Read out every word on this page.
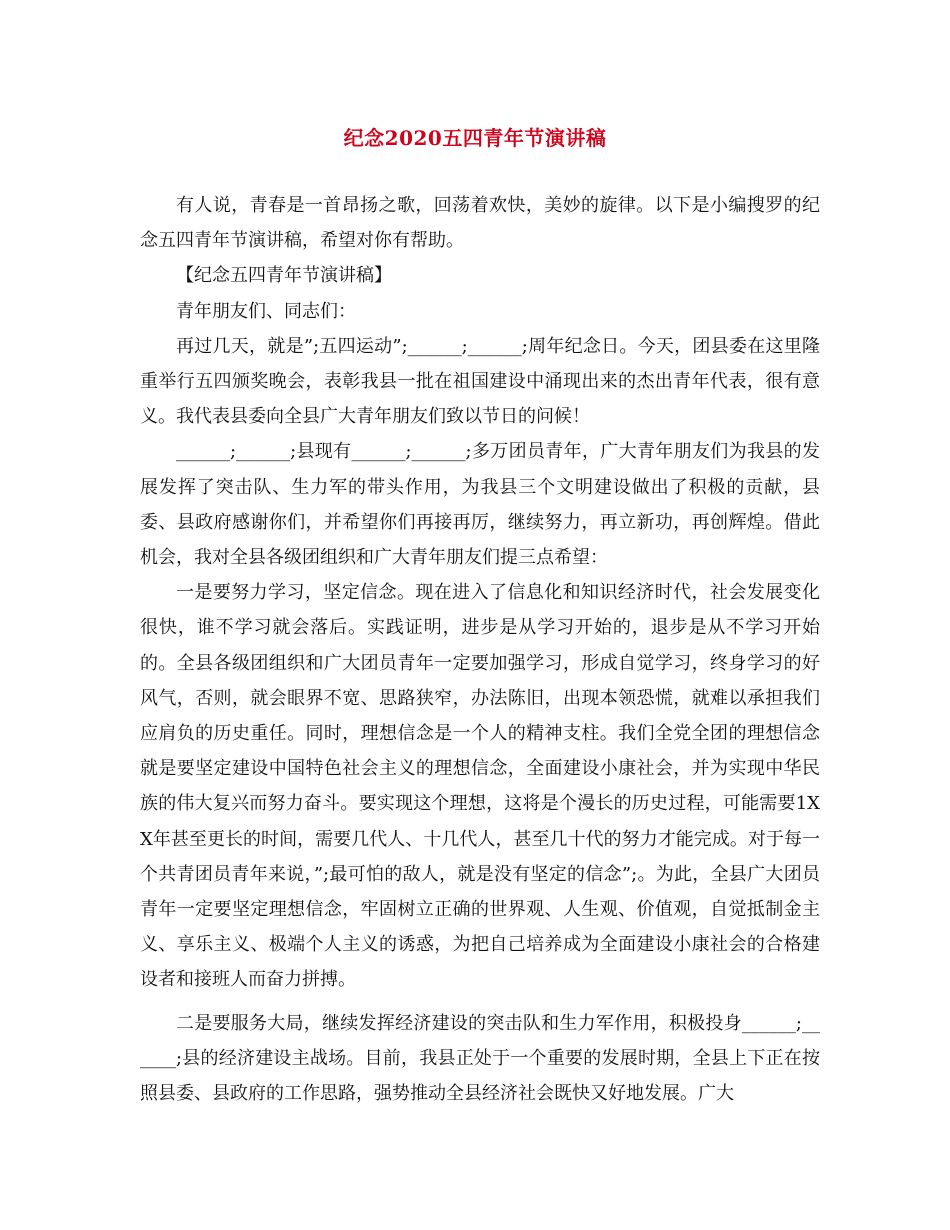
纪念2020五四青年节演讲稿

有人说，青春是一首昂扬之歌，回荡着欢快，美妙的旋律。以下是小编搜罗的纪念五四青年节演讲稿，希望对你有帮助。

【纪念五四青年节演讲稿】

青年朋友们、同志们：

再过几天，就是”;五四运动”;______;______;周年纪念日。今天，团县委在这里隆重举行五四颁奖晚会，表彰我县一批在祖国建设中涌现出来的杰出青年代表，很有意义。我代表县委向全县广大青年朋友们致以节日的问候！

______;______;县现有______;______;多万团员青年，广大青年朋友们为我县的发展发挥了突击队、生力军的带头作用，为我县三个文明建设做出了积极的贡献，县委、县政府感谢你们，并希望你们再接再厉，继续努力，再立新功，再创辉煌。借此机会，我对全县各级团组织和广大青年朋友们提三点希望：

一是要努力学习，坚定信念。现在进入了信息化和知识经济时代，社会发展变化很快，谁不学习就会落后。实践证明，进步是从学习开始的，退步是从不学习开始的。全县各级团组织和广大团员青年一定要加强学习，形成自觉学习，终身学习的好风气，否则，就会眼界不宽、思路狭窄，办法陈旧，出现本领恐慌，就难以承担我们应肩负的历史重任。同时，理想信念是一个人的精神支柱。我们全党全团的理想信念就是要坚定建设中国特色社会主义的理想信念，全面建设小康社会，并为实现中华民族的伟大复兴而努力奋斗。要实现这个理想，这将是个漫长的历史过程，可能需要1XX年甚至更长的时间，需要几代人、十几代人，甚至几十代的努力才能完成。对于每一个共青团员青年来说，”;最可怕的敌人，就是没有坚定的信念”;。为此，全县广大团员青年一定要坚定理想信念，牢固树立正确的世界观、人生观、价值观，自觉抵制金主义、享乐主义、极端个人主义的诱惑，为把自己培养成为全面建设小康社会的合格建设者和接班人而奋力拼搏。

二是要服务大局，继续发挥经济建设的突击队和生力军作用，积极投身______;______;县的经济建设主战场。目前，我县正处于一个重要的发展时期，全县上下正在按照县委、县政府的工作思路，强势推动全县经济社会既快又好地发展。广大
